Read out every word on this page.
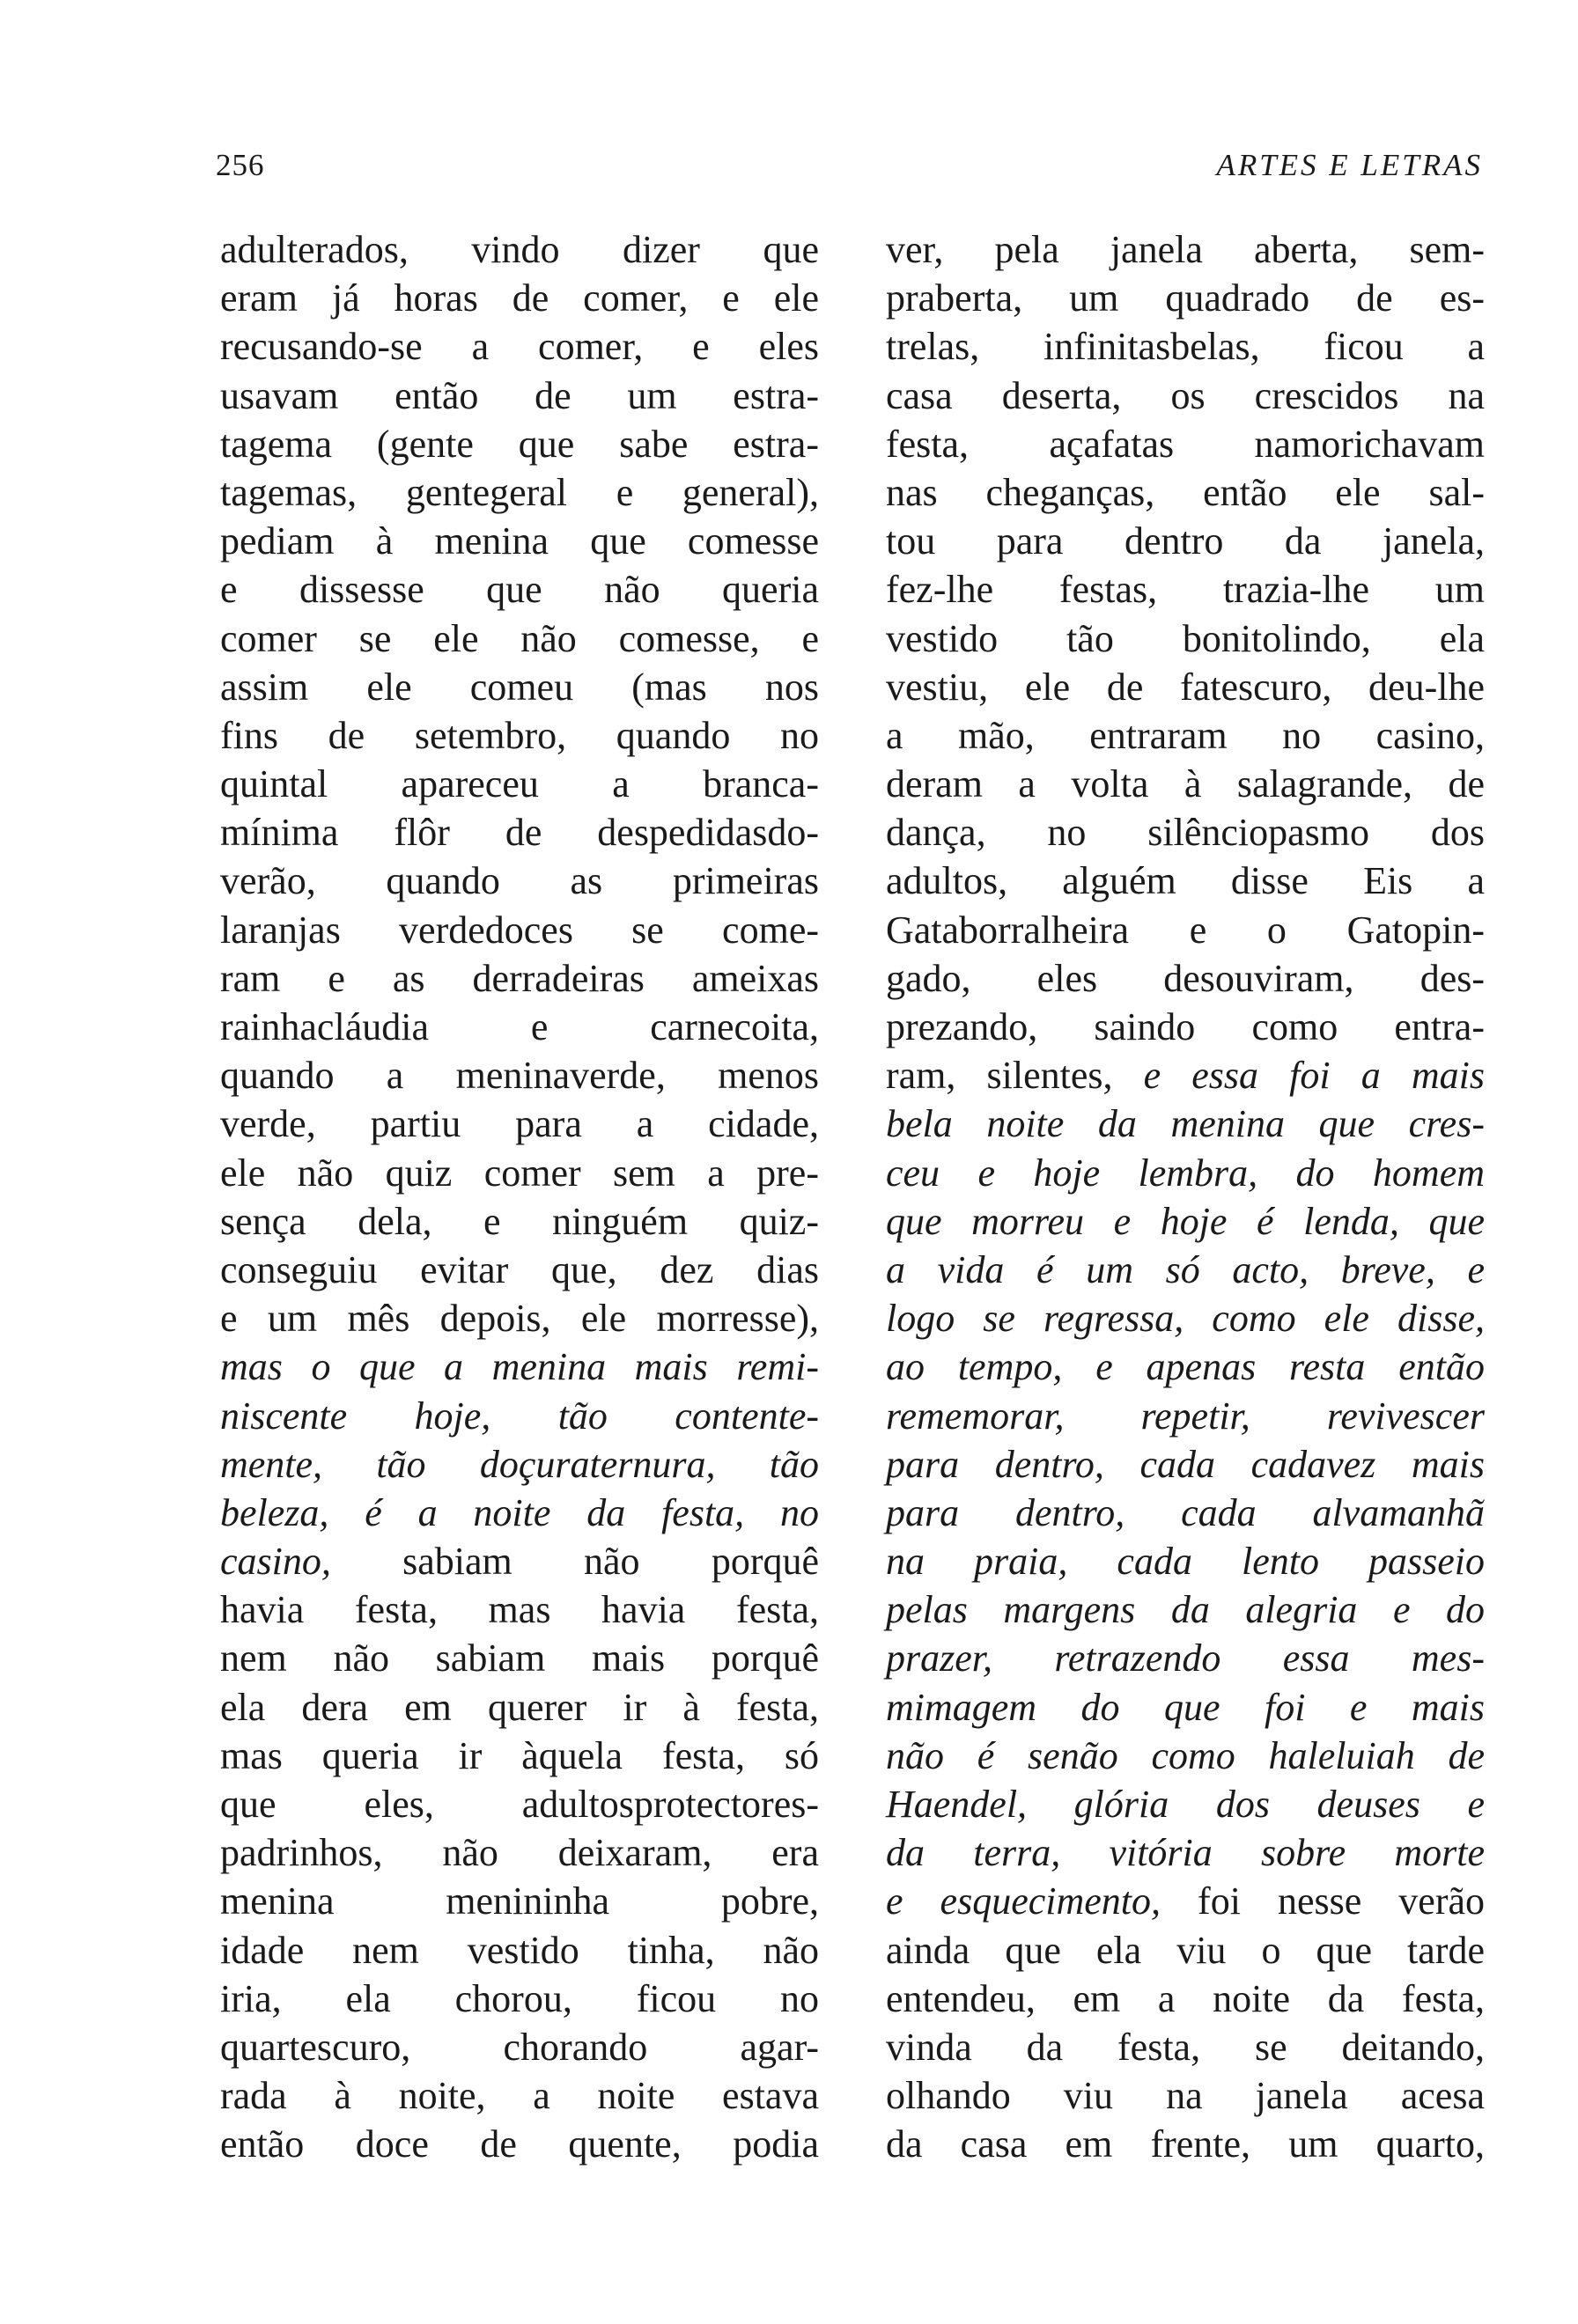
256	ARTES E LETRAS
adulterados, vindo dizer que
eram já horas de comer, e ele
recusando-se a comer, e eles
usavam então de um estra-
tagema (gente que sabe estra-
tagemas, gentegeral e general),
pediam à menina que comesse
e dissesse que não queria
comer se ele não comesse, e
assim ele comeu (mas nos
fins de setembro, quando no
quintal apareceu a branca-
mínima flôr de despedidasdo-
verão, quando as primeiras
laranjas verdedoces se come-
ram e as derradeiras ameixas
rainhacláudia e carnecoita,
quando a meninaverde, menos
verde, partiu para a cidade,
ele não quiz comer sem a pre-
sença dela, e ninguém quiz-
conseguiu evitar que, dez dias
e um mês depois, ele morresse),
mas o que a menina mais remi-
niscente hoje, tão contente-
mente, tão doçuraternura, tão
beleza, é a noite da festa, no
casino, sabiam não porquê
havia festa, mas havia festa,
nem não sabiam mais porquê
ela dera em querer ir à festa,
mas queria ir àquela festa, só
que eles, adultosprotectores-
padrinhos, não deixaram, era
menina menininha pobre,
idade nem vestido tinha, não
iria, ela chorou, ficou no
quartescuro, chorando agar-
rada à noite, a noite estava
então doce de quente, podia
ver, pela janela aberta, sem-
praberta, um quadrado de es-
trelas, infinitasbelas, ficou a
casa deserta, os crescidos na
festa, açafatas namorichavam
nas cheganças, então ele sal-
tou para dentro da janela,
fez-lhe festas, trazia-lhe um
vestido tão bonitolindo, ela
vestiu, ele de fatescuro, deu-lhe
a mão, entraram no casino,
deram a volta à salagrande, de
dança, no silênciopasmo dos
adultos, alguém disse Eis a
Gataborralheira e o Gatopin-
gado, eles desouviram, des-
prezando, saindo como entra-
ram, silentes, e essa foi a mais
bela noite da menina que cres-
ceu e hoje lembra, do homem
que morreu e hoje é lenda, que
a vida é um só acto, breve, e
logo se regressa, como ele disse,
ao tempo, e apenas resta então
rememorar, repetir, revivescer
para dentro, cada cadavez mais
para dentro, cada alvamanhã
na praia, cada lento passeio
pelas margens da alegria e do
prazer, retrazendo essa mes-
mimagem do que foi e mais
não é senão como haleluiah de
Haendel, glória dos deuses e
da terra, vitória sobre morte
e esquecimento, foi nesse verão
ainda que ela viu o que tarde
entendeu, em a noite da festa,
vinda da festa, se deitando,
olhando viu na janela acesa
da casa em frente, um quarto,
